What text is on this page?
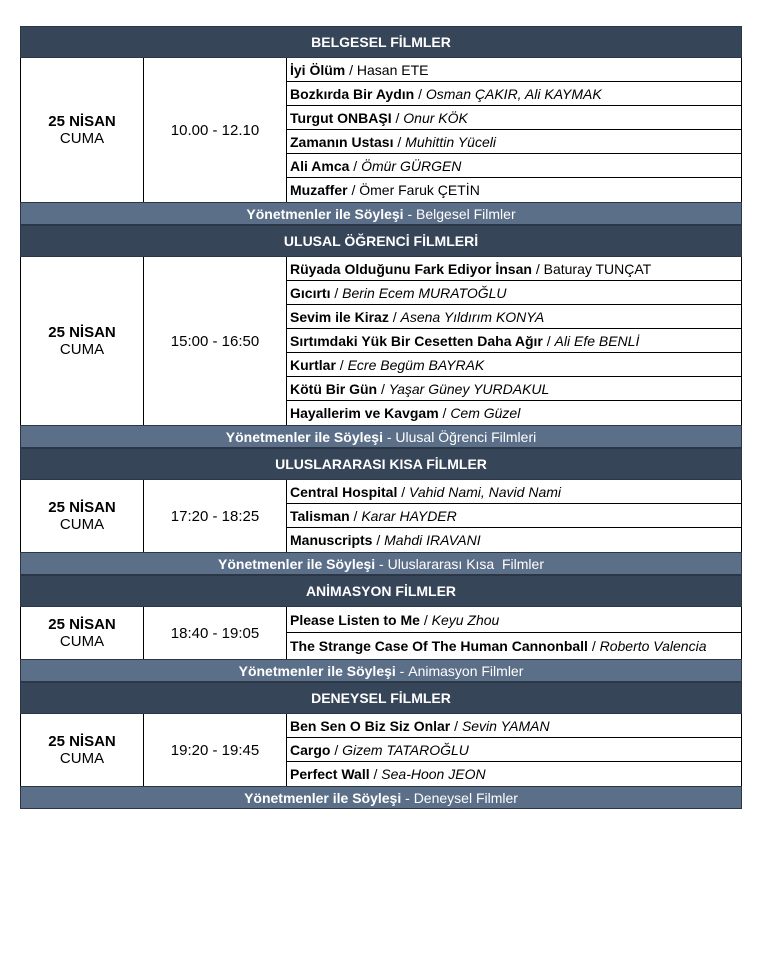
BELGESEL FİLMLER
25 NİSAN
CUMA	10.00 - 12.10
İyi Ölüm / Hasan ETE
Bozkırda Bir Aydın / Osman ÇAKIR, Ali KAYMAK
Turgut ONBAŞI / Onur KÖK
Zamanın Ustası / Muhittin Yüceli
Ali Amca / Ömür GÜRGEN
Muzaffer / Ömer Faruk ÇETİN
Yönetmenler ile Söyleşi - Belgesel Filmler
ULUSAL ÖĞRENCİ FİLMLERİ
25 NİSAN
CUMA	15:00 - 16:50
Rüyada Olduğunu Fark Ediyor İnsan / Baturay TUNÇAT
Gıcırtı / Berin Ecem MURATOĞLU
Sevim ile Kiraz / Asena Yıldırım KONYA
Sırtımdaki Yük Bir Cesetten Daha Ağır / Ali Efe BENLİ
Kurtlar / Ecre Begüm BAYRAK
Kötü Bir Gün / Yaşar Güney YURDAKUL
Hayallerim ve Kavgam / Cem Güzel
Yönetmenler ile Söyleşi - Ulusal Öğrenci Filmleri
ULUSLARARASI KISA FİLMLER
25 NİSAN
CUMA	17:20 - 18:25
Central Hospital / Vahid Nami, Navid Nami
Talisman / Karar HAYDER
Manuscripts / Mahdi IRAVANI
Yönetmenler ile Söyleşi - Uluslararası Kısa  Filmler
ANİMASYON FİLMLER
25 NİSAN
CUMA	18:40 - 19:05
Please Listen to Me / Keyu Zhou
The Strange Case Of The Human Cannonball / Roberto Valencia
Yönetmenler ile Söyleşi - Animasyon Filmler
DENEYSEL FİLMLER
25 NİSAN
CUMA	19:20 - 19:45
Ben Sen O Biz Siz Onlar / Sevin YAMAN
Cargo / Gizem TATAROĞLU
Perfect Wall / Sea-Hoon JEON
Yönetmenler ile Söyleşi - Deneysel Filmler
